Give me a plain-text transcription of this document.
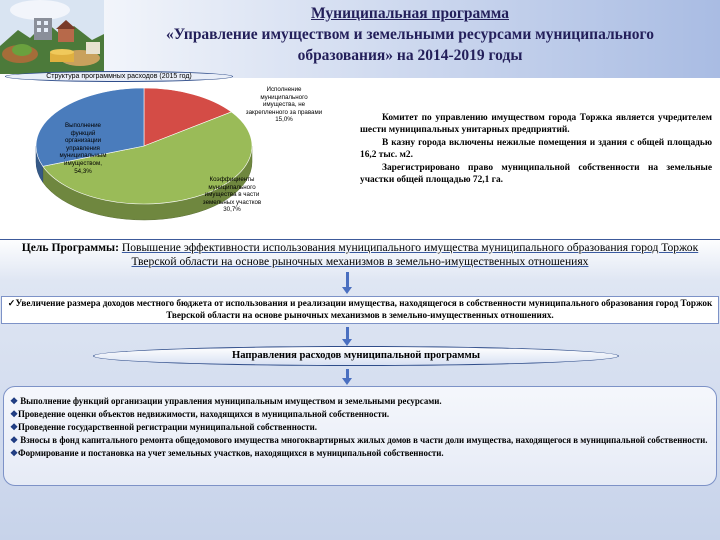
Муниципальная программа
«Управление имуществом и земельными ресурсами муниципального
образования» на 2014-2019 годы
Структура программных расходов (2015 год)
Исполнение муниципального имущества, не закрепленного за правами
15,0%
Выполнение функций организации управления муниципальным имуществом,
54,3%
Коэффициенты муниципального имущества в части земельных участков
30,7%

Комитет по управлению имуществом города Торжка является учредителем шести муниципальных унитарных предприятий.

В казну города включены нежилые помещения и здания с общей площадью 16,2 тыс. м2.

Зарегистрировано право муниципальной собственности на земельные участки общей площадью 72,1 га.

Цель Программы: Повышение эффективности использования муниципального имущества муниципального образования город Торжок Тверской области на основе рыночных механизмов в земельно-имущественных отношениях
✓Увеличение размера доходов местного бюджета от использования и реализации имущества, находящегося в собственности муниципального образования город Торжок Тверской области на основе рыночных механизмов в земельно-имущественных отношениях.
Направления расходов муниципальной программы
❖ Выполнение функций организации управления муниципальным имуществом и земельными ресурсами.
❖Проведение оценки объектов недвижимости, находящихся в муниципальной собственности.
❖Проведение государственной регистрации муниципальной собственности.
❖ Взносы в фонд капитального ремонта общедомового имущества многоквартирных жилых домов в части доли имущества, находящегося в муниципальной собственности.
❖Формирование и постановка на учет земельных участков, находящихся в муниципальной собственности.
